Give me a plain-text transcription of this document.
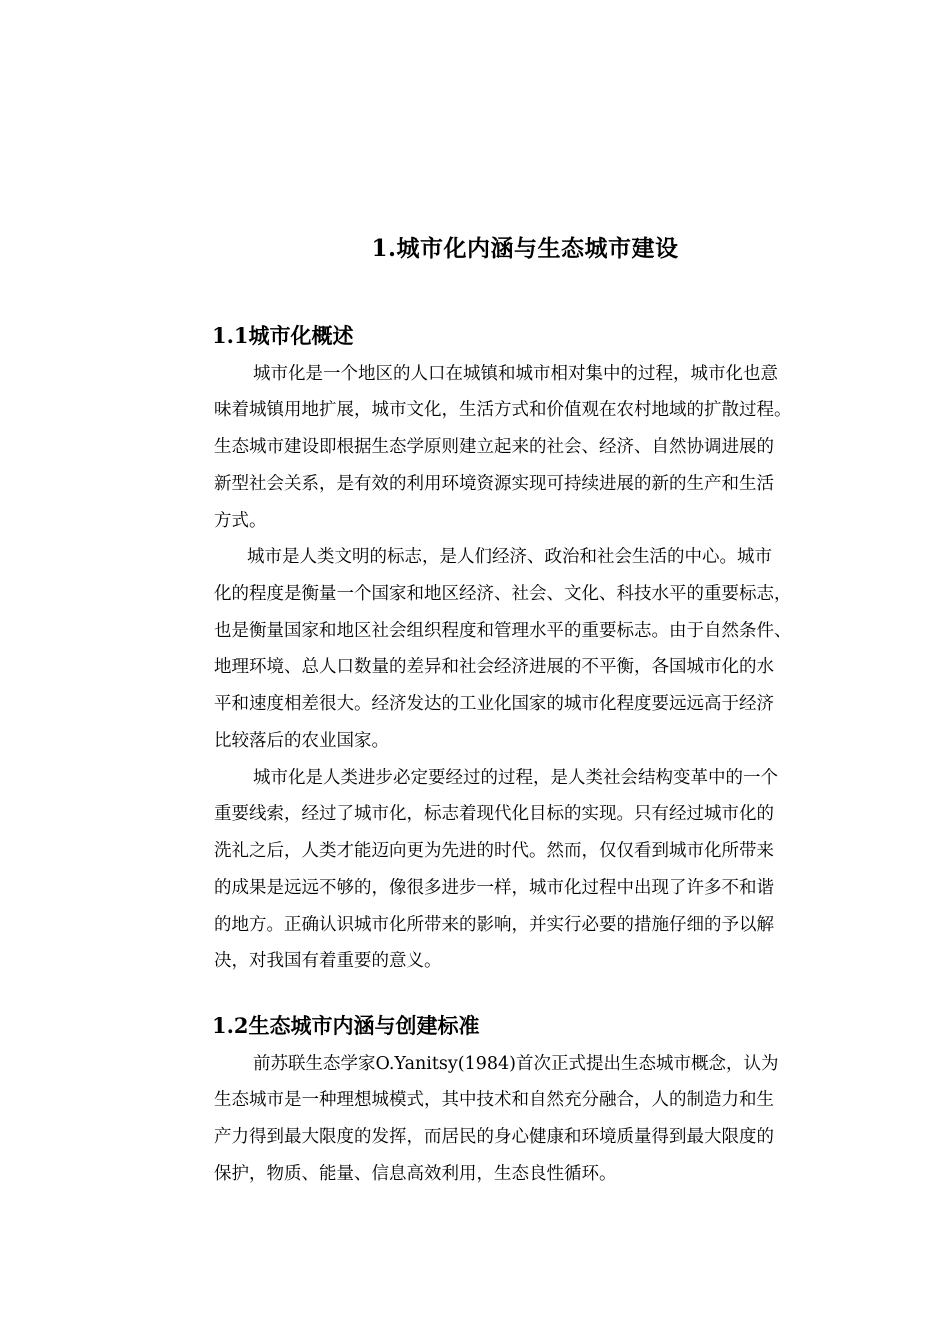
1.城市化内涵与生态城市建设
1.1城市化概述
城市化是一个地区的人口在城镇和城市相对集中的过程，城市化也意
味着城镇用地扩展，城市文化，生活方式和价值观在农村地域的扩散过程。
生态城市建设即根据生态学原则建立起来的社会、经济、自然协调进展的
新型社会关系，是有效的利用环境资源实现可持续进展的新的生产和生活
方式。
城市是人类文明的标志，是人们经济、政治和社会生活的中心。城市
化的程度是衡量一个国家和地区经济、社会、文化、科技水平的重要标志，
也是衡量国家和地区社会组织程度和管理水平的重要标志。由于自然条件、
地理环境、总人口数量的差异和社会经济进展的不平衡，各国城市化的水
平和速度相差很大。经济发达的工业化国家的城市化程度要远远高于经济
比较落后的农业国家。
城市化是人类进步必定要经过的过程，是人类社会结构变革中的一个
重要线索，经过了城市化，标志着现代化目标的实现。只有经过城市化的
洗礼之后，人类才能迈向更为先进的时代。然而，仅仅看到城市化所带来
的成果是远远不够的，像很多进步一样，城市化过程中出现了许多不和谐
的地方。正确认识城市化所带来的影响，并实行必要的措施仔细的予以解
决，对我国有着重要的意义。
1.2生态城市内涵与创建标准
前苏联生态学家O.Yanitsy(1984)首次正式提出生态城市概念，认为
生态城市是一种理想城模式，其中技术和自然充分融合，人的制造力和生
产力得到最大限度的发挥，而居民的身心健康和环境质量得到最大限度的
保护，物质、能量、信息高效利用，生态良性循环。
